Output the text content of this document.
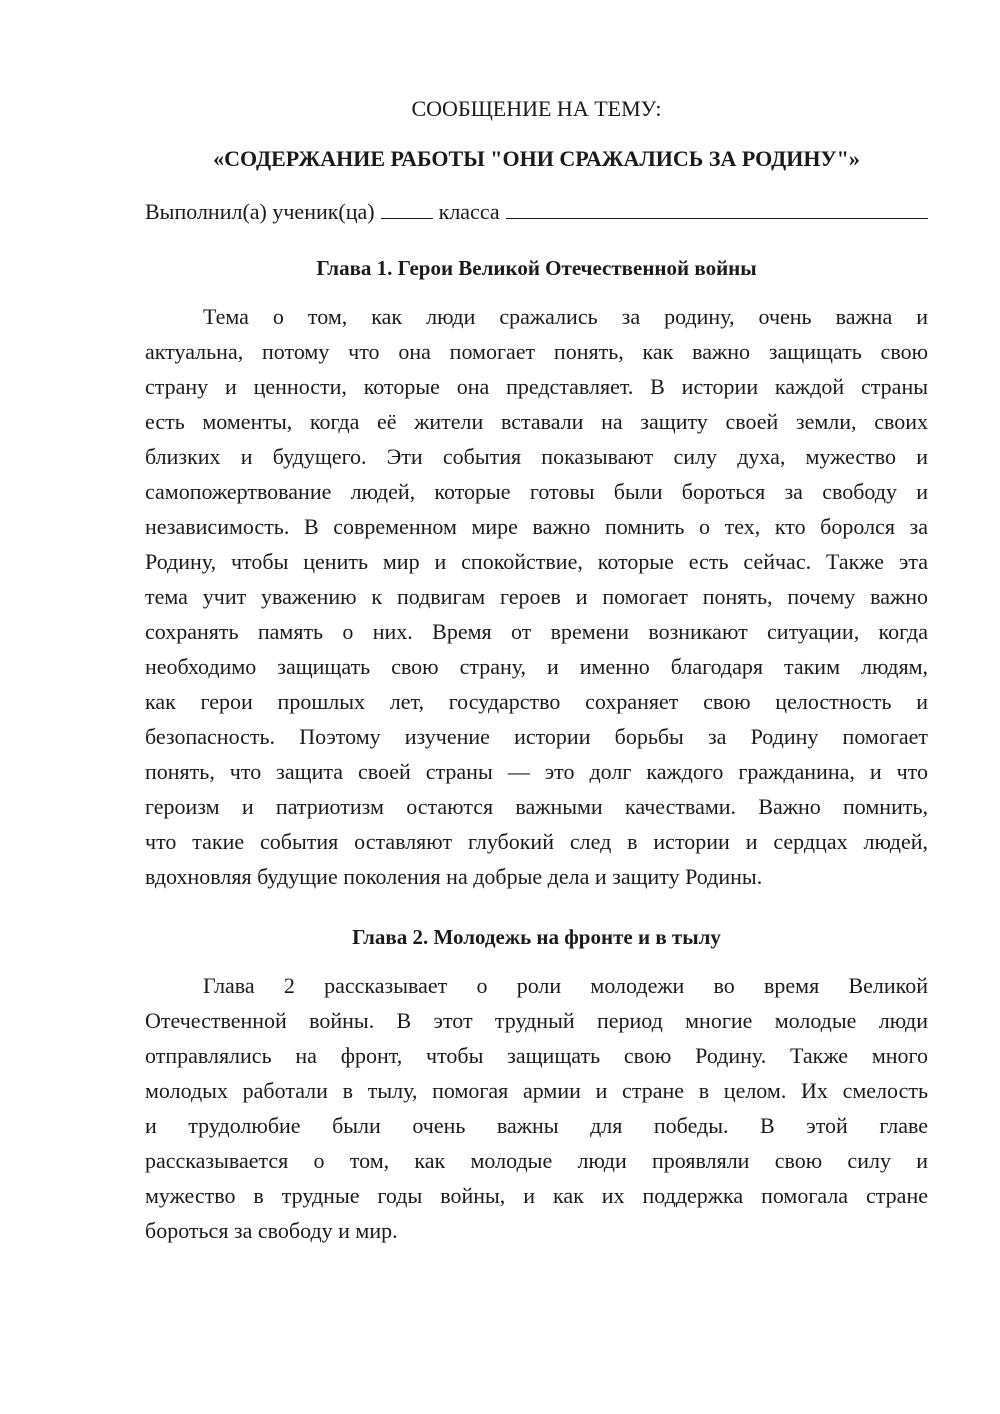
СООБЩЕНИЕ НА ТЕМУ:
«СОДЕРЖАНИЕ РАБОТЫ "ОНИ СРАЖАЛИСЬ ЗА РОДИНУ"»
Выполнил(а) ученик(ца)	класса
Глава 1. Герои Великой Отечественной войны
Тема о том, как люди сражались за родину, очень важна и
актуальна, потому что она помогает понять, как важно защищать свою
страну и ценности, которые она представляет. В истории каждой страны
есть моменты, когда её жители вставали на защиту своей земли, своих
близких и будущего. Эти события показывают силу духа, мужество и
самопожертвование людей, которые готовы были бороться за свободу и
независимость. В современном мире важно помнить о тех, кто боролся за
Родину, чтобы ценить мир и спокойствие, которые есть сейчас. Также эта
тема учит уважению к подвигам героев и помогает понять, почему важно
сохранять память о них. Время от времени возникают ситуации, когда
необходимо защищать свою страну, и именно благодаря таким людям,
как герои прошлых лет, государство сохраняет свою целостность и
безопасность. Поэтому изучение истории борьбы за Родину помогает
понять, что защита своей страны — это долг каждого гражданина, и что
героизм и патриотизм остаются важными качествами. Важно помнить,
что такие события оставляют глубокий след в истории и сердцах людей,
вдохновляя будущие поколения на добрые дела и защиту Родины.
Глава 2. Молодежь на фронте и в тылу
Глава 2 рассказывает о роли молодежи во время Великой
Отечественной войны. В этот трудный период многие молодые люди
отправлялись на фронт, чтобы защищать свою Родину. Также много
молодых работали в тылу, помогая армии и стране в целом. Их смелость
и трудолюбие были очень важны для победы. В этой главе
рассказывается о том, как молодые люди проявляли свою силу и
мужество в трудные годы войны, и как их поддержка помогала стране
бороться за свободу и мир.
